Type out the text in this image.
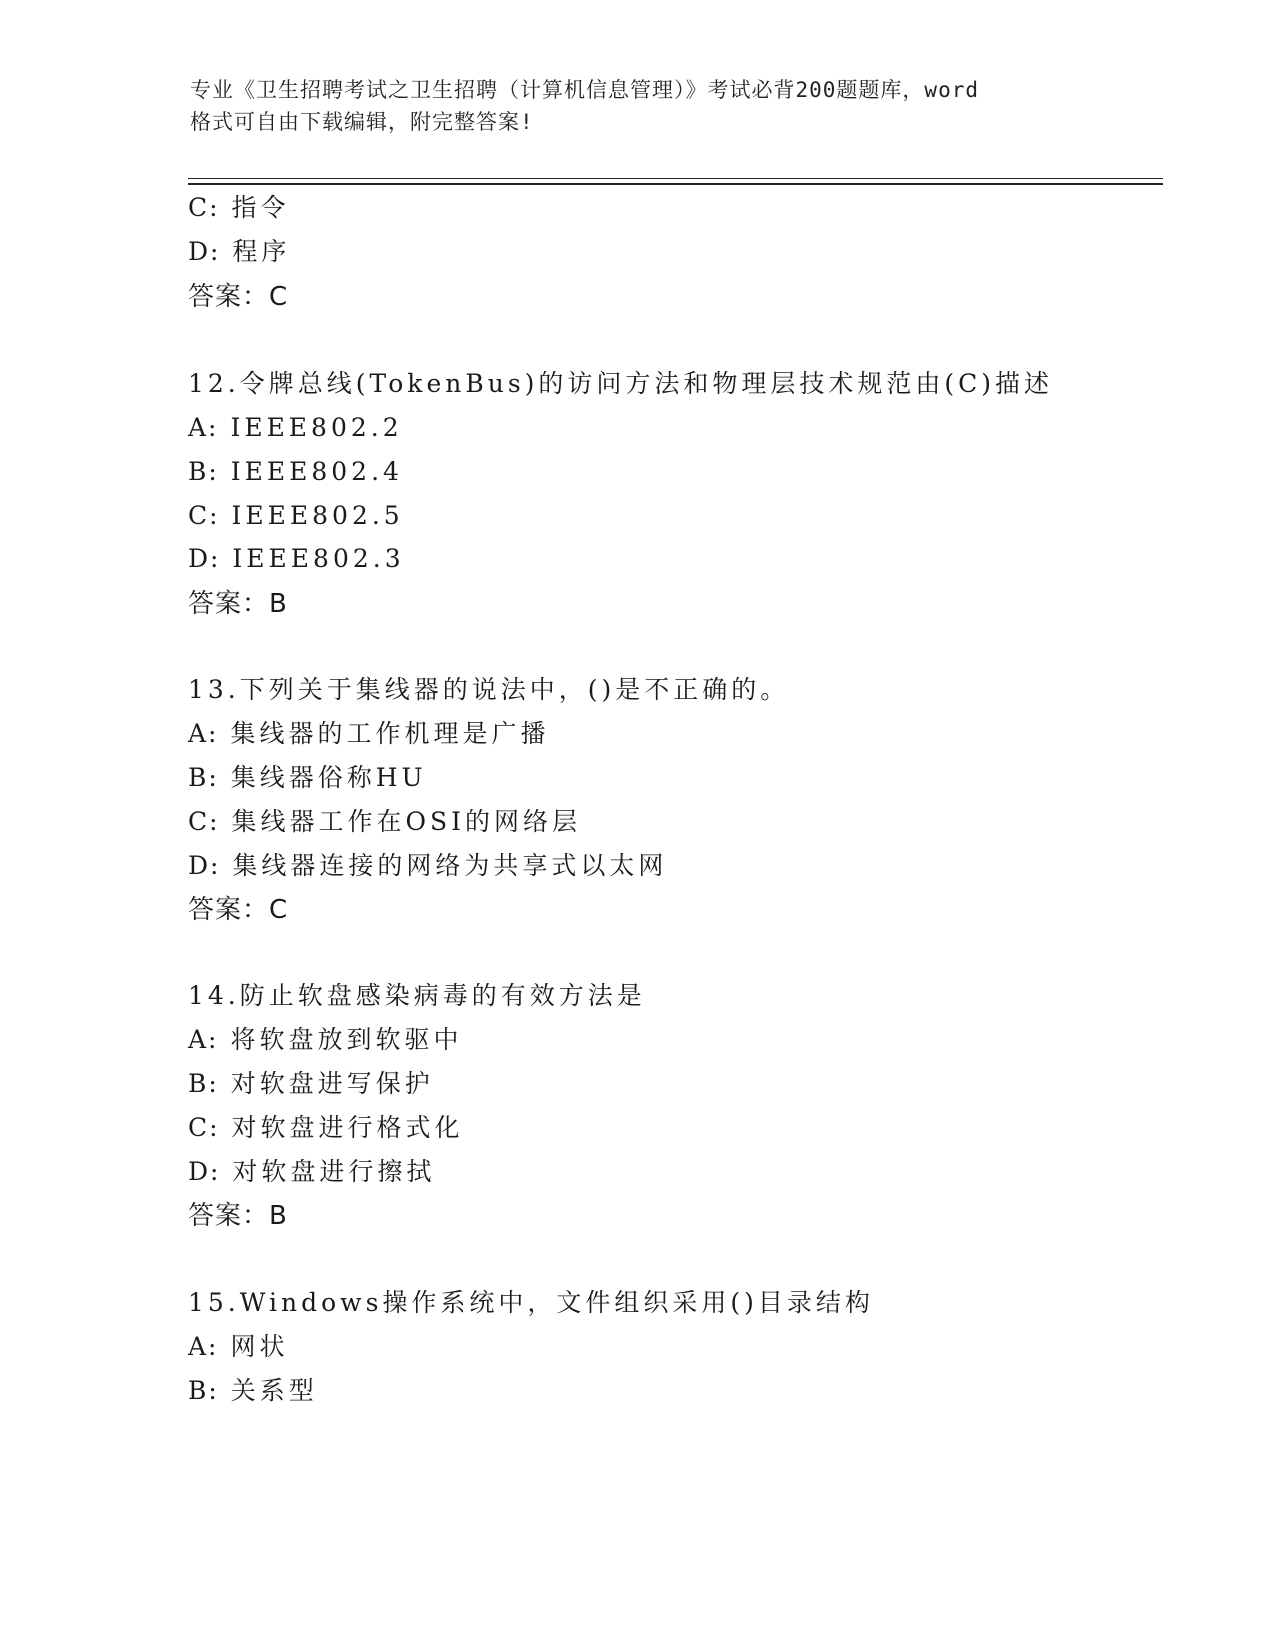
专业《卫生招聘考试之卫生招聘（计算机信息管理）》考试必背200题题库，word
格式可自由下载编辑，附完整答案!
C: 指令
D: 程序
答案：C
12.令牌总线(TokenBus)的访问方法和物理层技术规范由(C)描述
A: IEEE802.2
B: IEEE802.4
C: IEEE802.5
D: IEEE802.3
答案：B
13.下列关于集线器的说法中，()是不正确的。
A: 集线器的工作机理是广播
B: 集线器俗称HU
C: 集线器工作在OSI的网络层
D: 集线器连接的网络为共享式以太网
答案：C
14.防止软盘感染病毒的有效方法是
A: 将软盘放到软驱中
B: 对软盘进写保护
C: 对软盘进行格式化
D: 对软盘进行擦拭
答案：B
15.Windows操作系统中，文件组织采用()目录结构
A: 网状
B: 关系型
